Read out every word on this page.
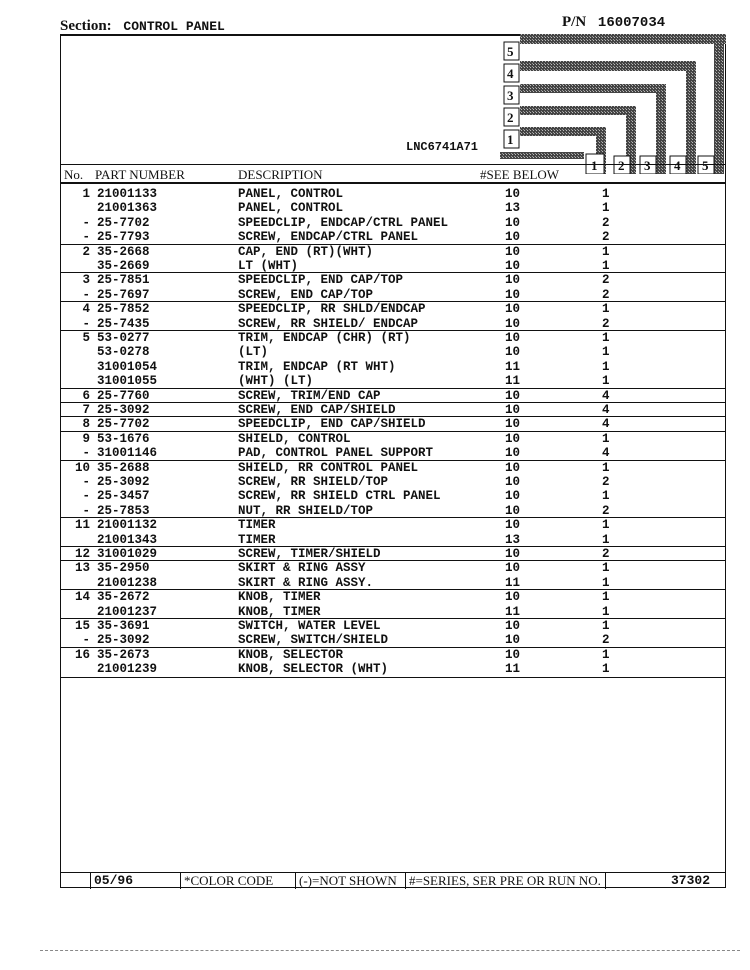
Section: CONTROL PANEL	P/N 16007034
LNC6741A71
5
4
3
2
1
1 2 3 4 5
No. PART NUMBER	DESCRIPTION	#SEE BELOW
1 21001133	PANEL, CONTROL	10	1
21001363	PANEL, CONTROL	13	1
- 25-7702	SPEEDCLIP, ENDCAP/CTRL PANEL	10	2
- 25-7793	SCREW, ENDCAP/CTRL PANEL	10	2
2 35-2668	CAP, END (RT)(WHT)	10	1
35-2669	LT (WHT)	10	1
3 25-7851	SPEEDCLIP, END CAP/TOP	10	2
- 25-7697	SCREW, END CAP/TOP	10	2
4 25-7852	SPEEDCLIP, RR SHLD/ENDCAP	10	1
- 25-7435	SCREW, RR SHIELD/ ENDCAP	10	2
5 53-0277	TRIM, ENDCAP (CHR) (RT)	10	1
53-0278	(LT)	10	1
31001054	TRIM, ENDCAP (RT WHT)	11	1
31001055	(WHT) (LT)	11	1
6 25-7760	SCREW, TRIM/END CAP	10	4
7 25-3092	SCREW, END CAP/SHIELD	10	4
8 25-7702	SPEEDCLIP, END CAP/SHIELD	10	4
9 53-1676	SHIELD, CONTROL	10	1
- 31001146	PAD, CONTROL PANEL SUPPORT	10	4
10 35-2688	SHIELD, RR CONTROL PANEL	10	1
- 25-3092	SCREW, RR SHIELD/TOP	10	2
- 25-3457	SCREW, RR SHIELD CTRL PANEL	10	1
- 25-7853	NUT, RR SHIELD/TOP	10	2
11 21001132	TIMER	10	1
21001343	TIMER	13	1
12 31001029	SCREW, TIMER/SHIELD	10	2
13 35-2950	SKIRT & RING ASSY	10	1
21001238	SKIRT & RING ASSY.	11	1
14 35-2672	KNOB, TIMER	10	1
21001237	KNOB, TIMER	11	1
15 35-3691	SWITCH, WATER LEVEL	10	1
- 25-3092	SCREW, SWITCH/SHIELD	10	2
16 35-2673	KNOB, SELECTOR	10	1
21001239	KNOB, SELECTOR (WHT)	11	1
05/96	*COLOR CODE	(-)=NOT SHOWN #=SERIES, SER PRE OR RUN NO.	37302
